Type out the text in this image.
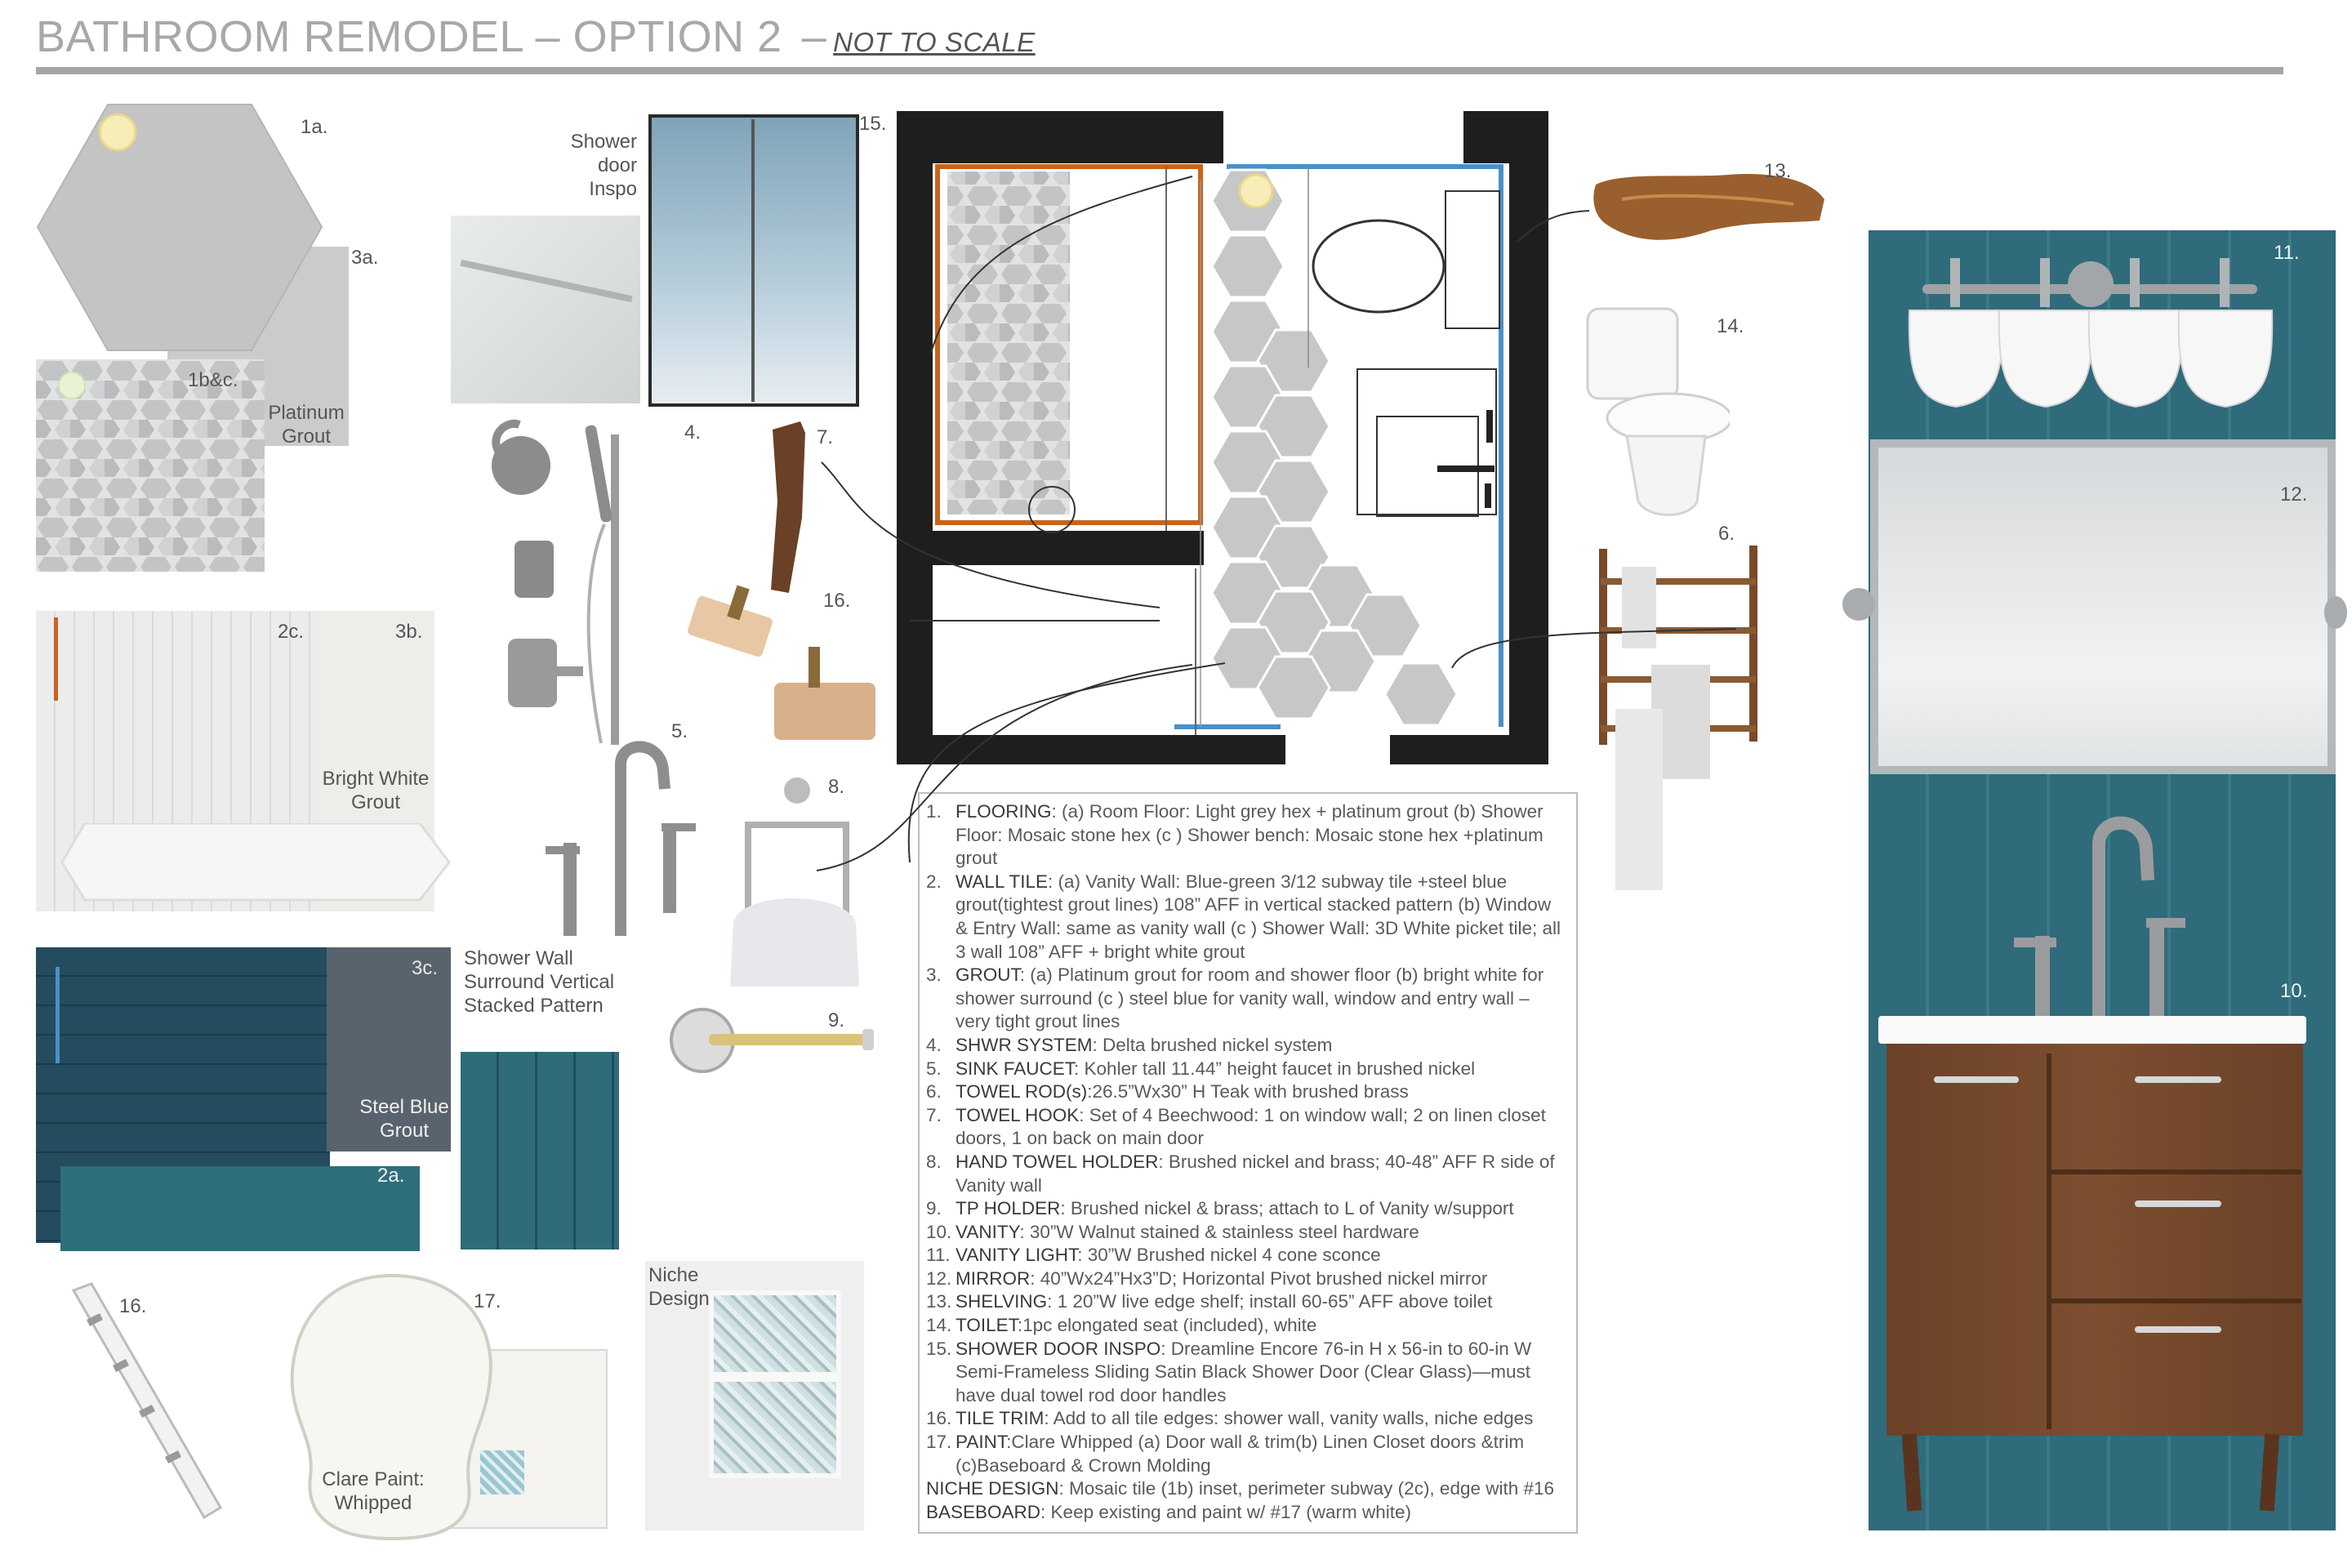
BATHROOM REMODEL – OPTION 2 – NOT TO SCALE
1a.
3a.
1b&c.
Platinum Grout
2c.	3b.
Bright White Grout
3c.
Steel Blue Grout
2a.
Shower Wall Surround Vertical Stacked Pattern
16.	17.
Clare Paint: Whipped
Niche Design
Shower door Inspo
15.
4.	7.
16.
5.
8.
9.
1. FLOORING: (a) Room Floor: Light grey hex + platinum grout (b) Shower Floor: Mosaic stone hex (c ) Shower bench: Mosaic stone hex +platinum grout
2. WALL TILE: (a) Vanity Wall: Blue-green 3/12 subway tile +steel blue grout(tightest grout lines) 108” AFF in vertical stacked pattern (b) Window & Entry Wall: same as vanity wall (c ) Shower Wall: 3D White picket tile; all 3 wall 108” AFF + bright white grout
3. GROUT: (a) Platinum grout for room and shower floor (b) bright white for shower surround (c ) steel blue for vanity wall, window and entry wall – very tight grout lines
4. SHWR SYSTEM: Delta brushed nickel system
5. SINK FAUCET: Kohler tall 11.44” height faucet in brushed nickel
6. TOWEL ROD(s):26.5”Wx30” H Teak with brushed brass
7. TOWEL HOOK: Set of 4 Beechwood: 1 on window wall; 2 on linen closet doors, 1 on back on main door
8. HAND TOWEL HOLDER: Brushed nickel and brass; 40-48” AFF R side of Vanity wall
9. TP HOLDER: Brushed nickel & brass; attach to L of Vanity w/support
10. VANITY: 30”W Walnut stained & stainless steel hardware
11. VANITY LIGHT: 30”W Brushed nickel 4 cone sconce
12. MIRROR: 40”Wx24”Hx3”D; Horizontal Pivot brushed nickel mirror
13. SHELVING: 1 20”W live edge shelf; install 60-65” AFF above toilet
14. TOILET:1pc elongated seat (included), white
15. SHOWER DOOR INSPO: Dreamline Encore 76-in H x 56-in to 60-in W Semi-Frameless Sliding Satin Black Shower Door (Clear Glass)—must have dual towel rod door handles
16. TILE TRIM: Add to all tile edges: shower wall, vanity walls, niche edges
17. PAINT:Clare Whipped (a) Door wall & trim(b) Linen Closet doors &trim (c)Baseboard & Crown Molding
NICHE DESIGN: Mosaic tile (1b) inset, perimeter subway (2c), edge with #16
BASEBOARD: Keep existing and paint w/ #17 (warm white)
13.
14.
6.
11.
12.
10.
